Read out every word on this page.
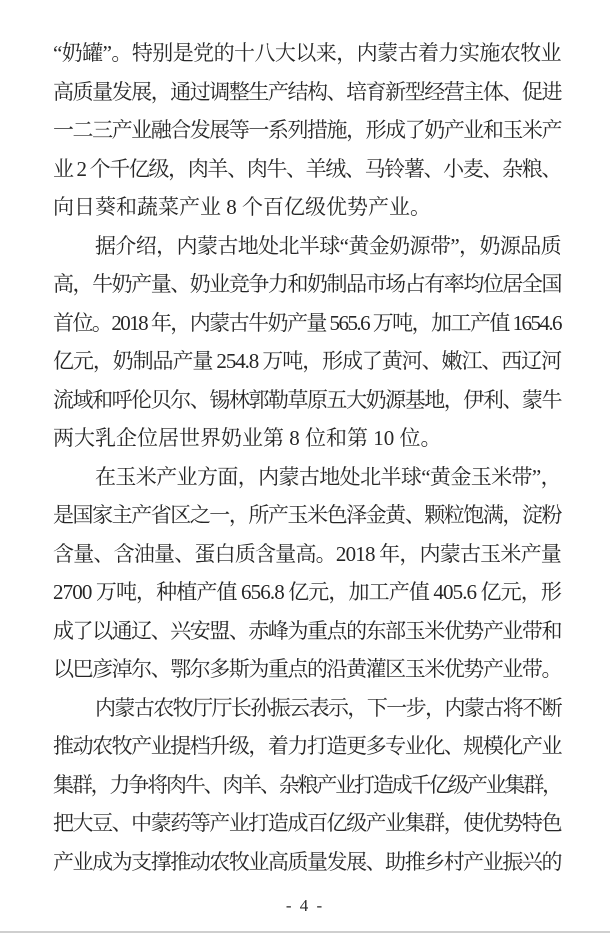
“奶罐”。特别是党的十八大以来，内蒙古着力实施农牧业
高质量发展，通过调整生产结构、培育新型经营主体、促进
一二三产业融合发展等一系列措施，形成了奶产业和玉米产
业 2 个千亿级，肉羊、肉牛、羊绒、马铃薯、小麦、杂粮、
向日葵和蔬菜产业 8 个百亿级优势产业。
据介绍，内蒙古地处北半球“黄金奶源带”，奶源品质
高，牛奶产量、奶业竞争力和奶制品市场占有率均位居全国
首位。2018 年，内蒙古牛奶产量 565.6 万吨，加工产值 1654.6
亿元，奶制品产量 254.8 万吨，形成了黄河、嫩江、西辽河
流域和呼伦贝尔、锡林郭勒草原五大奶源基地，伊利、蒙牛
两大乳企位居世界奶业第 8 位和第 10 位。
在玉米产业方面，内蒙古地处北半球“黄金玉米带”，
是国家主产省区之一，所产玉米色泽金黄、颗粒饱满，淀粉
含量、含油量、蛋白质含量高。2018 年，内蒙古玉米产量
2700 万吨，种植产值 656.8 亿元，加工产值 405.6 亿元，形
成了以通辽、兴安盟、赤峰为重点的东部玉米优势产业带和
以巴彦淖尔、鄂尔多斯为重点的沿黄灌区玉米优势产业带。
内蒙古农牧厅厅长孙振云表示，下一步，内蒙古将不断
推动农牧产业提档升级，着力打造更多专业化、规模化产业
集群，力争将肉牛、肉羊、杂粮产业打造成千亿级产业集群，
把大豆、中蒙药等产业打造成百亿级产业集群，使优势特色
产业成为支撑推动农牧业高质量发展、助推乡村产业振兴的
- 4 -
